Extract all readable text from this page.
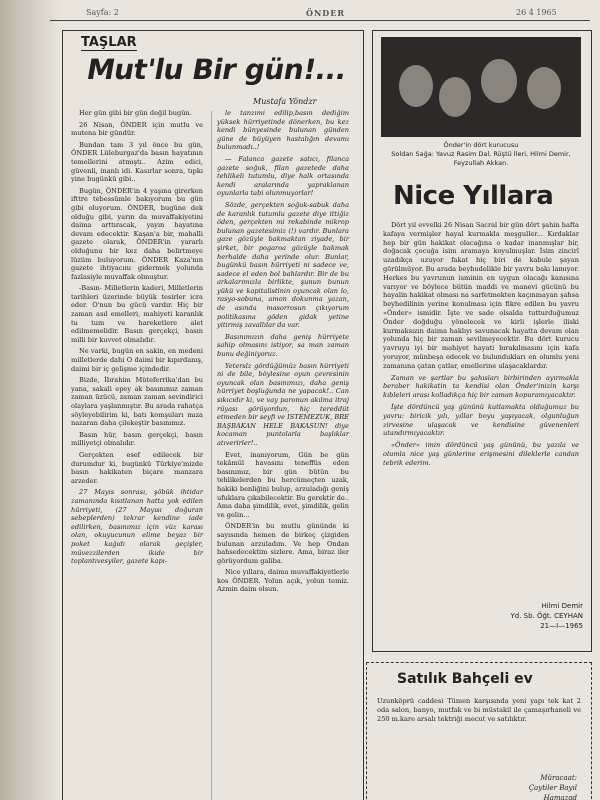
Sayfa: 2	ÖNDER	26 4 1965
TAŞLAR
Mut'lu Bir gün!...
Mustafa Yöndzr

Her gün gibi bir gün değil bugün.

26 Nisan, ÖNDER için mutlu ve mutena bir gündür.

Bundan tam 3 yıl önce bu gün, ÖNDER Lüleburgaz'da basın hayatının temellerini atmıştı.. Azim edici, güvenli, inanlı idi. Kasırlar sonra, tıpkı yine bugünkü gibi..

Bugün, ÖNDER'in 4 yaşına girerken ifttre tebessümle bakıyorum bu gün gibi oluyorum. ÖNDER, bugüne dek olduğu gibi, yarın da muvaffakiyetini daima arttıracak, yayın hayatına devam edecektir. Kaşan'a bir, mahalli gazete olarak, ÖNDER'in yararlı olduğunu bir kez daha belirtmeye lüzüm buluyorum. ÖNDER Kaza'nın gazete ihtiyacını gidermek yolunda fazlasiyle muvaffak olmuştur.

-Basın- Milletlerin kaderi, Milletlerin tarihleri üzerinde büyük tesirler icra eder. O'nun bu gücü vardır. Hiç bir zaman asıl emelleri, mahiyeti karanlık tu tum ve hareketlere alet edilmemelidir. Basın gerçekçi, basın milli bir kuvvet olmalıdır.

Ne varki, bugün en sakin, en medeni milletlerde dahi O daimi bir kıpırdanış, daimi bir iç gelişme içindedir.

Bizde, İbrahim Müteferrika'dan bu yana, sakali epey ak basınımız zaman zaman üzücü, zaman zaman sevindirici olaylara yaşlanmıştır. Bu arada rahatça söyleyebilirim ki, batı komşuları mıza nazaran daha çilekeştir basınımız.

Basın hür, basın gerçekçi, basın milliyetçi olmalıdır.

Gerçekten esef edilecek bir durumdur ki, bugünkü Türkiye'mizde basın hakikaten biçare manzara arzeder.

27 Mayıs sonrası, şöbük ihtidar zamanında kısıtlanan hatta yok edilen hürriyeti, (27 Mayısı doğuran sebeplerden) tekrar kendine iade edilirken, basınımız için vüz karası olan, okuyucunun elime beyaz bir poket kağıdı olarak geçişler, müvezzilerden ikide bir toplantıvesyiler, gazete kapı-

le tanzımi edilip,basın dediğim yüksek hürriyetinde dönerken, bu kez kendi bünyesinde bulunan günden güne de büyüyen hastalığın devamı bulunmadı..!

— Falanca gazete satıcı, filanca gazete soğuk, filan gazetede daha tehlikeli tutumlu, diye halk ortasında kendi aralarında yapraklanan oyunlarla tabi olunmuyorlar!

Sözde, gerçekten soğuk-sabuk daha de karanlık tutumlu gazete diye ittiğiz öden, gerçekten mi rekabinde mikrop bulunan gazetesimiz (!) vardır. Bunlara gaze gözüyle bakmaktan ziyade, bir şirket, bir pogaroa gözüyle bakmak herhalde daha yerinde olur. Bunlar, bugünkü basın hürriyeti ni sadece ve, sadece el eden bol bahlardır. Bir de bu arkalarımızla birlikte, şunun bunun yükü ve kapitalistinin oyuncak olan lo, rasyo-sobuna, amon dokunma yazan, de asında masorrosun çıkıyorum politikasına göden gidak yetine yitirmiş zavallılar da var.

Basınımızın daha geniş hürriyete sahip olmasını istiyor, sa man zaman bunu değiniyoruz.

Yeterslz gördüğümüz basın hürriyeti ni de bile, böylesine oyun çevresinin oyuncak olan basınımızı, daha geniş hürriyet boşluğunda ne yapacak!.. Can sıkıcıdır ki, ve vay paronun akılma itraj rüyası görüyordun, hiç tereddüt etmeden bir seyfi ve ISTEMEZUK, BRE BAŞBAKAN HELE BAKASUN! diye kocaman puntolarla başlıklar atıverirler!..

Evet, inanıyorum, Gün be gün tekâmül havasını teneffüs eden basınımız, bir gün bütün bu tehlikelerden bu hercümeçten uzak, hakiki benliğini bulup, arzuladığı geniş ufuklara çıkabilecektir. Bu gerektir de.. Ama daha şimdilik, evet, şimdilik, gelin ve gelin...

ÖNDER'in bu mutlu gününde ki sayısında hemen de birkeç çizgiden bulunan arzuladım. Ve hep Ondan bahsedecektim sizlere. Ama, biraz iler görüyordum galiba.

Nice yıllara, daima muvaffakiyetlerle kos ÖNDER. Yolun açık, yolun temiz. Azmin daim olsun.

Önder'in dört kurucusu
Soldan Sağa: Yavuz Rasim Dal, Rüştü İleri, Hilmi Demir, Feyzullah Akkan.
Nice Yıllara

Dört yıl evvelki 26 Nisan Sacral bir gün dört şahin hafta kafaya vermişler hayal kurmakla meşguller... Kırdaklar hep bir gün hakikat olacağına o kadar inanmışlar bir, doğacak çocuğa isim aramaya koyulmuşlar. İsim zincirî uzadıkça uzuyor fakat hiç biri de kabule şayan görülmüyor. Bu arada beyhudelikle bir yavru bakı lamıyor. Herkes bu yavrunun isminin en uygun olacağı kanısına varıyor ve böylece bütün maddi ve manevi gücünü bu hayalin hakikat olması na sarfetmekten kaçınmayan şahsa beyhedilinin yerine konulması için fikre edilen bu yavru «Önder» ismidir. İşte ve sade olsalda tutturduğumuz Önder doğduğu yönelecek ve kirli işlerle iliski kurmaksızın daima haklıyı savunacak hayatta devam olan yolunda hiç bir zaman sevilmeyecektir. Bu dört kurucu yavruyu iyi bir mahiyet hayati bırakılmasını için kafa yoruyor, münbeşa edecek ve bulundukları en olumlu yeni zamanına çatan çatlar, emellerine ulaşacaklardır.

Zaman ve şartlar bu şahısları birbirinden ayırmakla beraber hakikatin ta kendisi olan Önder'inizin karşı kıbleleri arası kolladıkça hiç bir zaman kopuramıyacaktır.

İşte dördüncü yaş gününü kutlamakta olduğumuz bu yavru: biricik yılı, yıllar boyu yaşıyacak, olgunluğun zirvesine ulaşacak ve kendisine güvenenleri utandırmıyacaktır.

«Önder» imin dördüncü yaş gününü, bu yazıla ve olumla nice yaş günlerine erişmesini dileklerle candan tebrik ederim.

Hilmi Demir
Yd. Sb. Öğt. CEYHAN
21—I—1965
Satılık Bahçeli ev

Uzunköprü caddesi Tümen karşısında yeni yapı tek kat 2 oda salon, banyo, mutfak ve bi müstakil ile çamaşırhaneli ve 250 m.kare arsalı tektriği mecut ve satılıktır.

Müracaat:
Çaytiler Bayıl
Hamazad
